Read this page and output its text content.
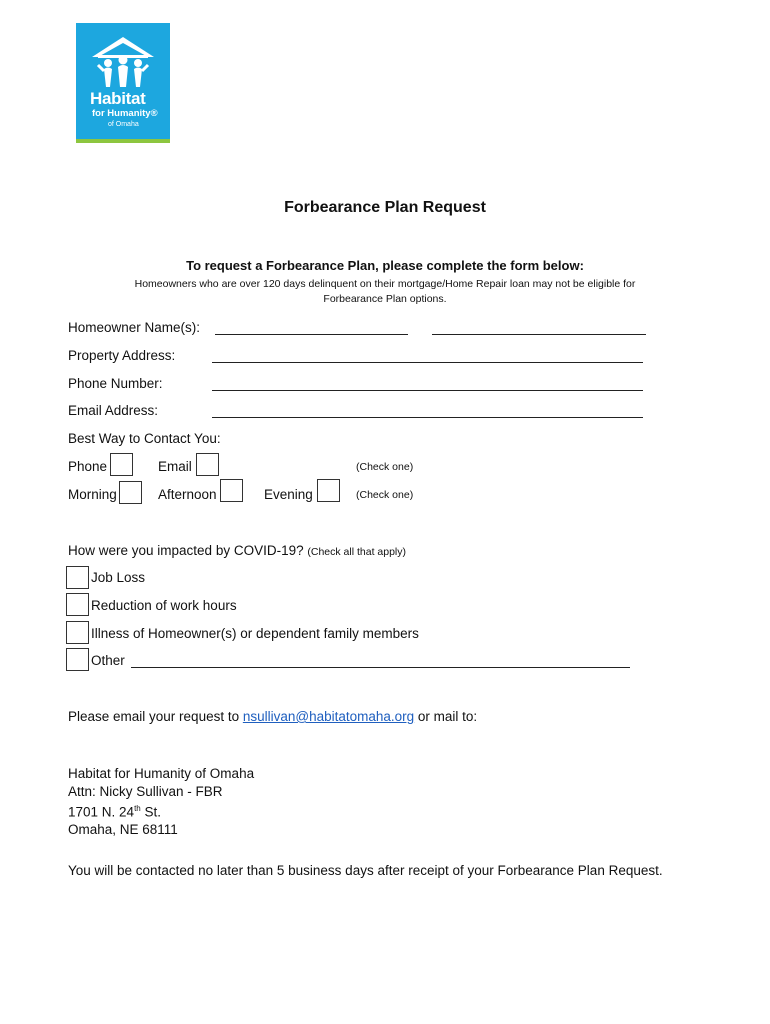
Habitat
for Humanity®
of Omaha
Forbearance Plan Request
To request a Forbearance Plan, please complete the form below:
Homeowners who are over 120 days delinquent on their mortgage/Home Repair loan may not be eligible for
Forbearance Plan options.
Homeowner Name(s):
Property Address:
Phone Number:
Email Address:
Best Way to Contact You:
Phone	Email	(Check one)
Morning	Afternoon	Evening	(Check one)
How were you impacted by COVID-19? (Check all that apply)
Job Loss
Reduction of work hours
Illness of Homeowner(s) or dependent family members
Other
Please email your request to nsullivan@habitatomaha.org or mail to:
Habitat for Humanity of Omaha
Attn: Nicky Sullivan - FBR
1701 N. 24th St.
Omaha, NE 68111
You will be contacted no later than 5 business days after receipt of your Forbearance Plan Request.
